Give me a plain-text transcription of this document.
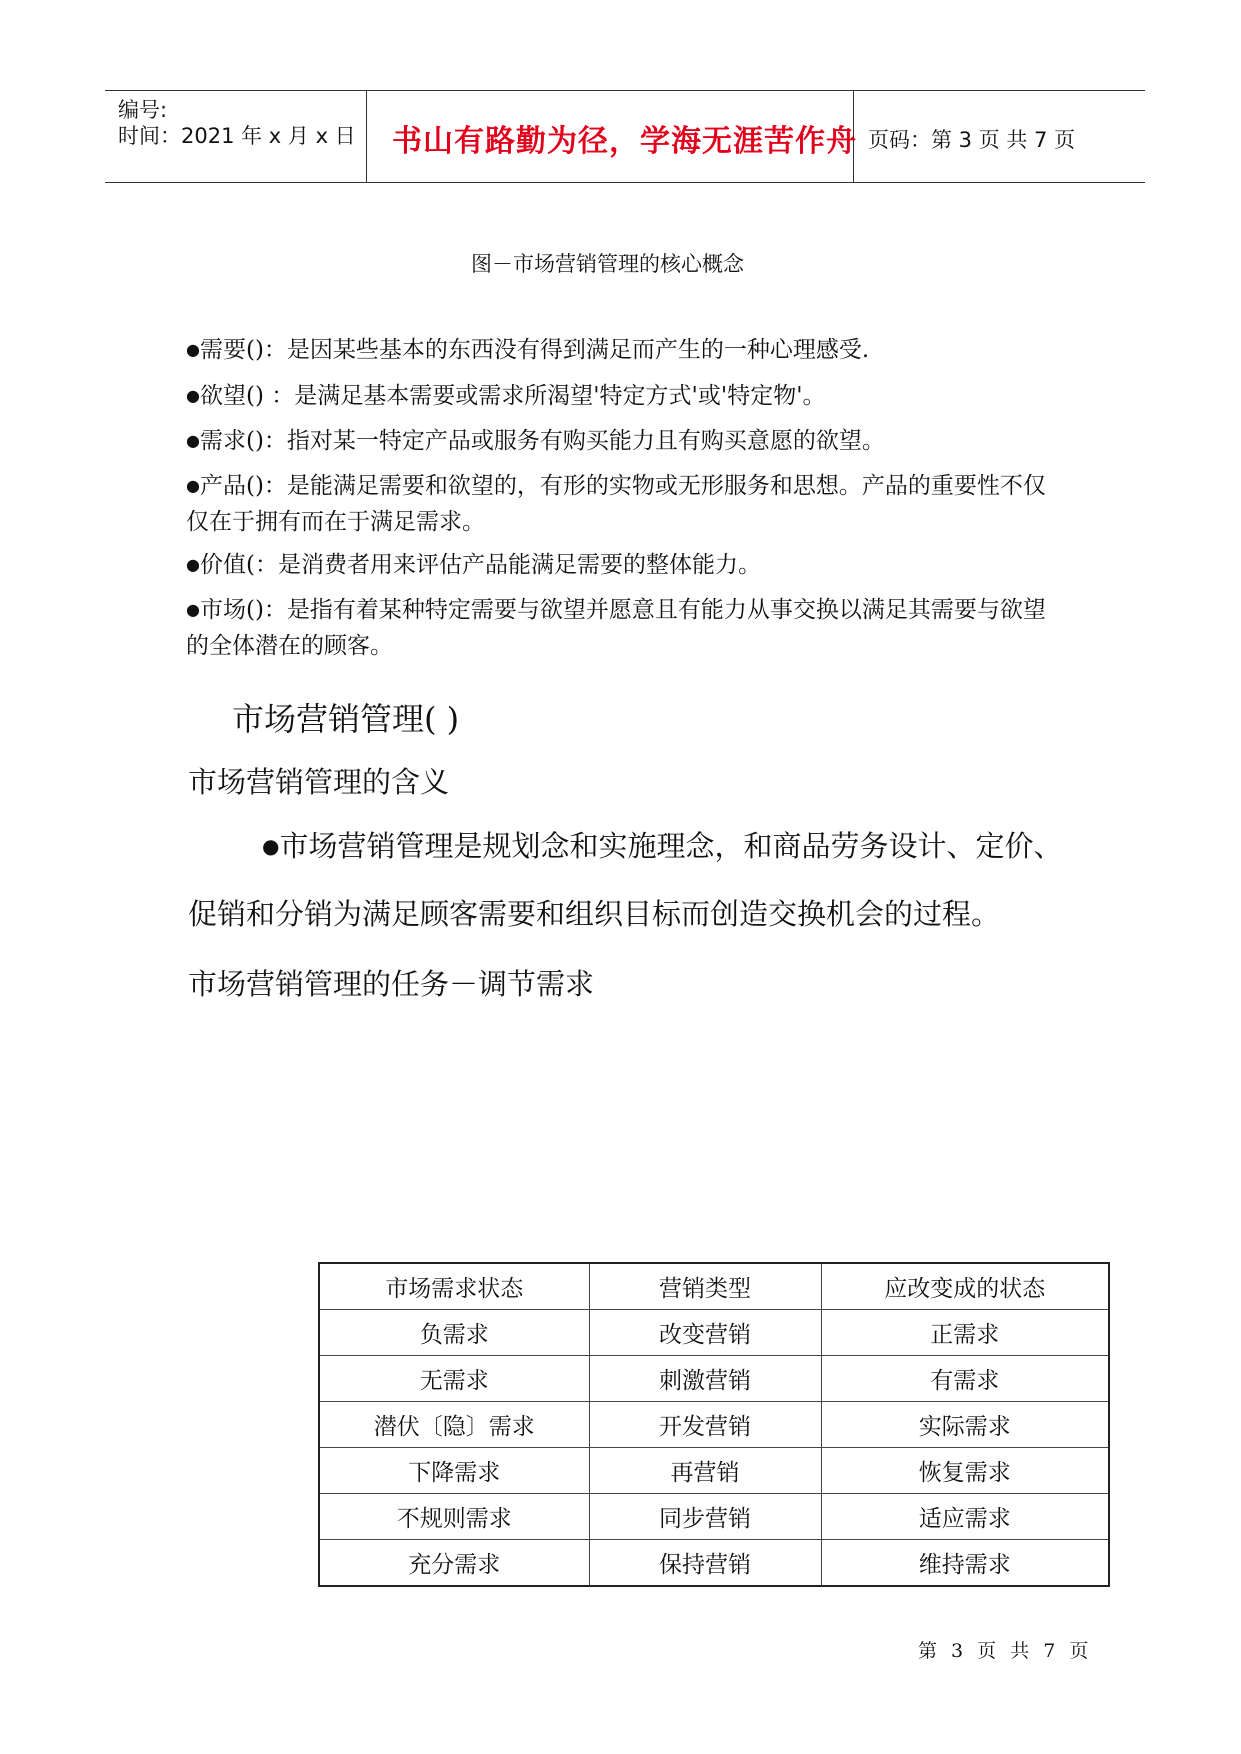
编号:
时间：2021 年 x 月 x 日 书山有路勤为径，学海无涯苦作舟 页码：第 3 页 共 7 页
图－市场营销管理的核心概念
●需要()：是因某些基本的东西没有得到满足而产生的一种心理感受.
●欲望() ：是满足基本需要或需求所渴望'特定方式'或'特定物'。
●需求()：指对某一特定产品或服务有购买能力且有购买意愿的欲望。
●产品()：是能满足需要和欲望的，有形的实物或无形服务和思想。产品的重要性不仅仅在于拥有而在于满足需求。
●价值(：是消费者用来评估产品能满足需要的整体能力。
●市场()：是指有着某种特定需要与欲望并愿意且有能力从事交换以满足其需要与欲望的全体潜在的顾客。
市场营销管理( )
市场营销管理的含义
●市场营销管理是规划念和实施理念，和商品劳务设计、定价、
促销和分销为满足顾客需要和组织目标而创造交换机会的过程。
市场营销管理的任务－调节需求
市场需求状态	营销类型	应改变成的状态
负需求	改变营销	正需求
无需求	刺激营销	有需求
潜伏〔隐〕需求	开发营销	实际需求
下降需求	再营销	恢复需求
不规则需求	同步营销	适应需求
充分需求	保持营销	维持需求
第 3 页 共 7 页
